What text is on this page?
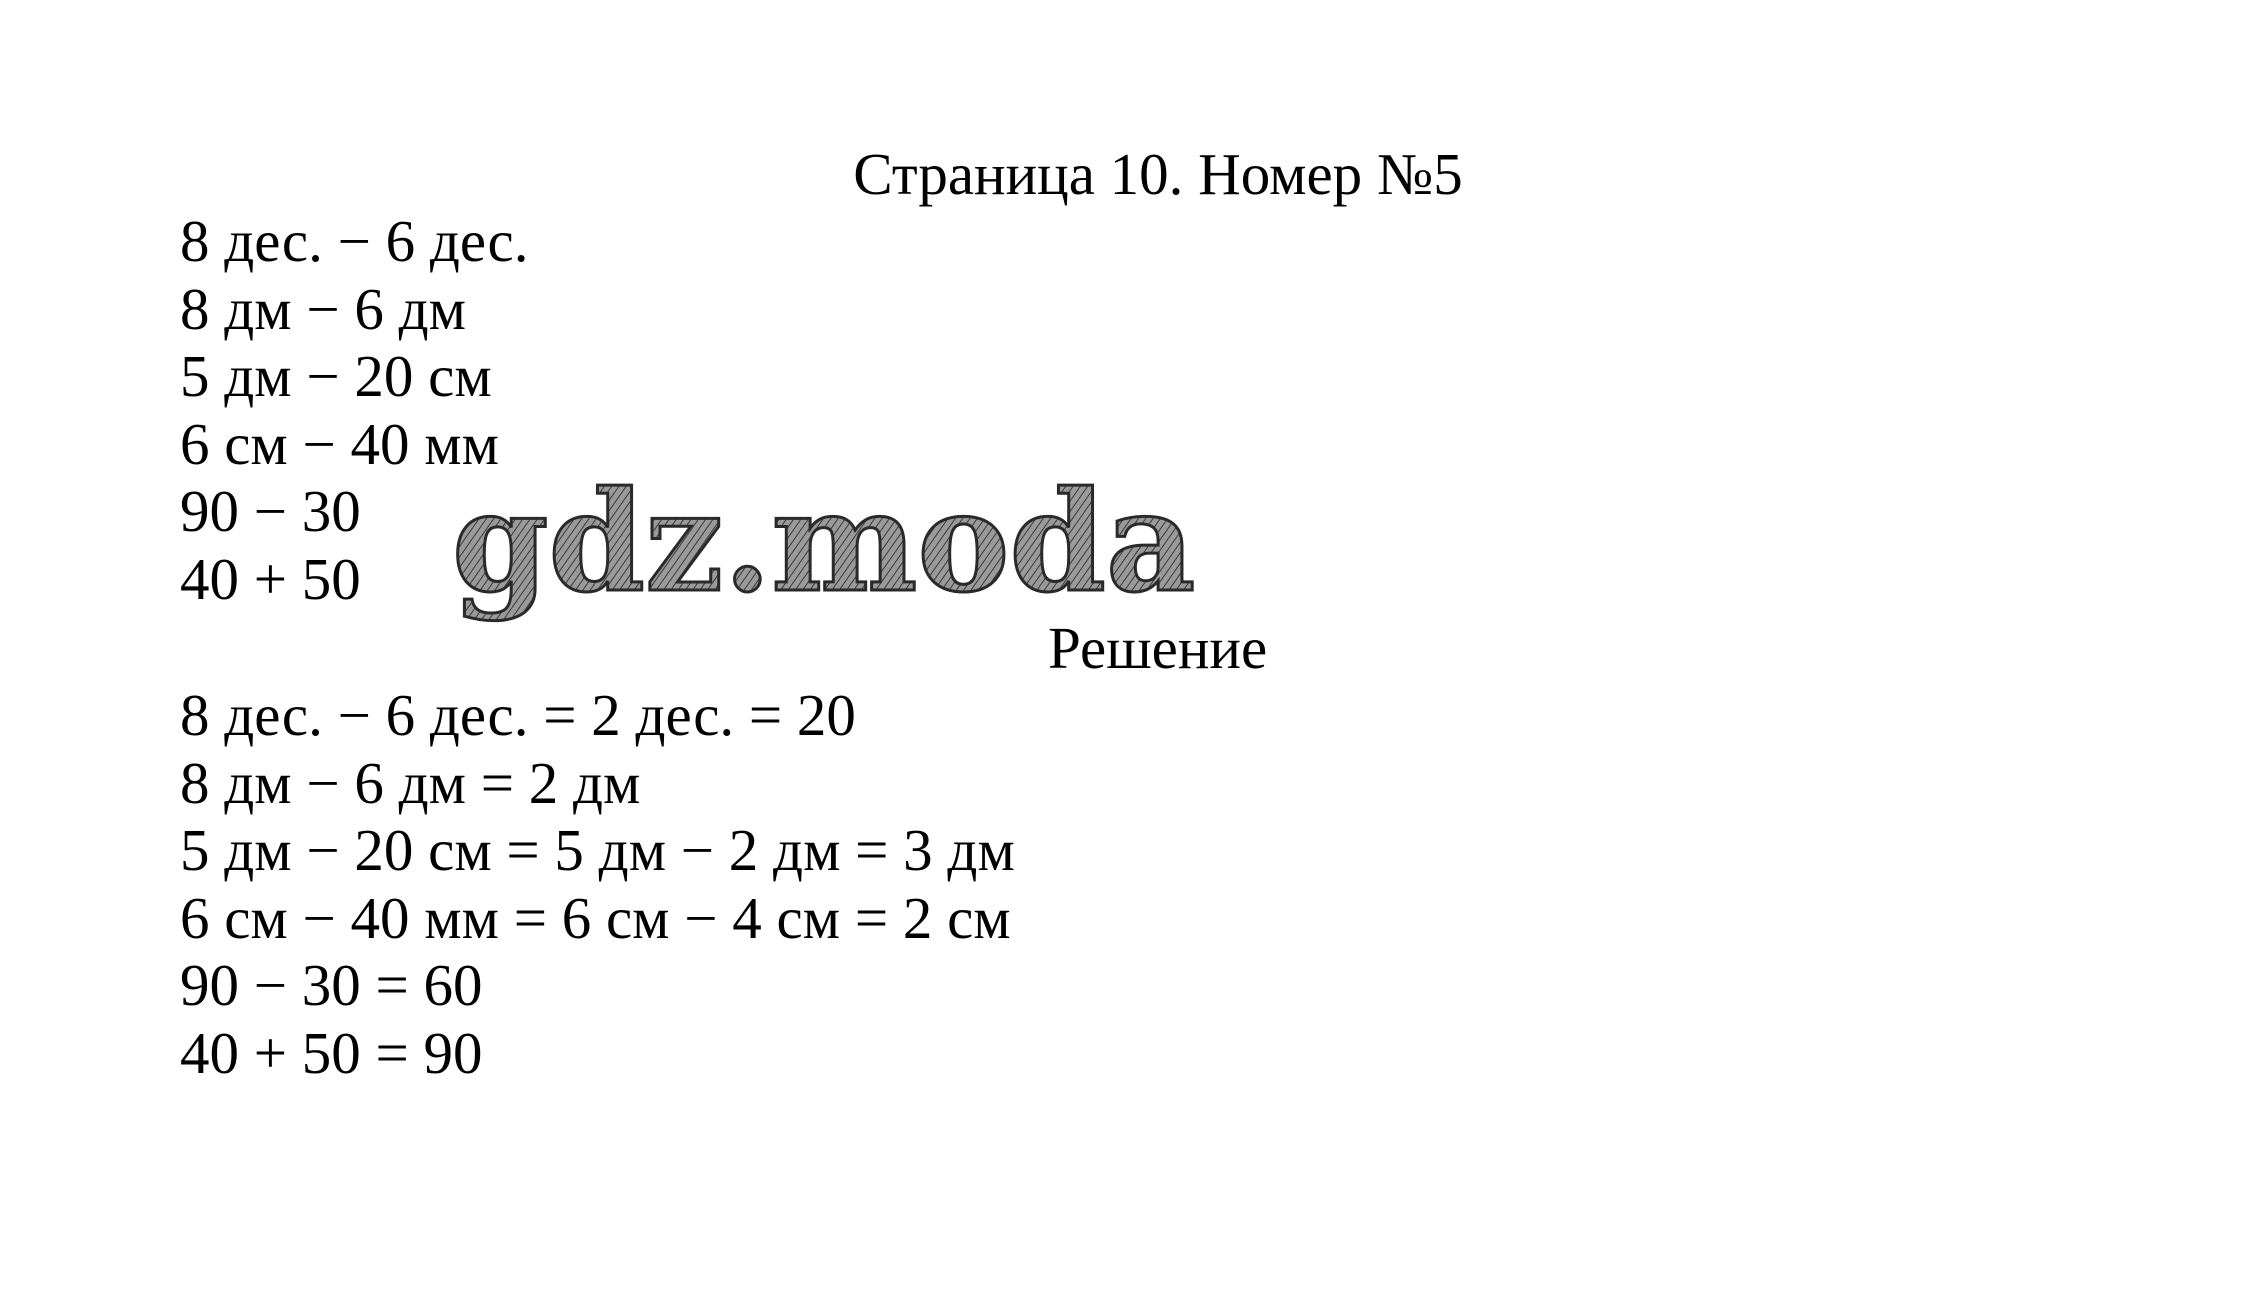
Страница 10. Номер №5
8 дес. − 6 дес.
8 дм − 6 дм
5 дм − 20 см
6 см − 40 мм
90 − 30
40 + 50 gdz.moda
Решение
8 дес. − 6 дес. = 2 дес. = 20
8 дм − 6 дм = 2 дм
5 дм − 20 см = 5 дм − 2 дм = 3 дм
6 см − 40 мм = 6 см − 4 см = 2 см
90 − 30 = 60
40 + 50 = 90
